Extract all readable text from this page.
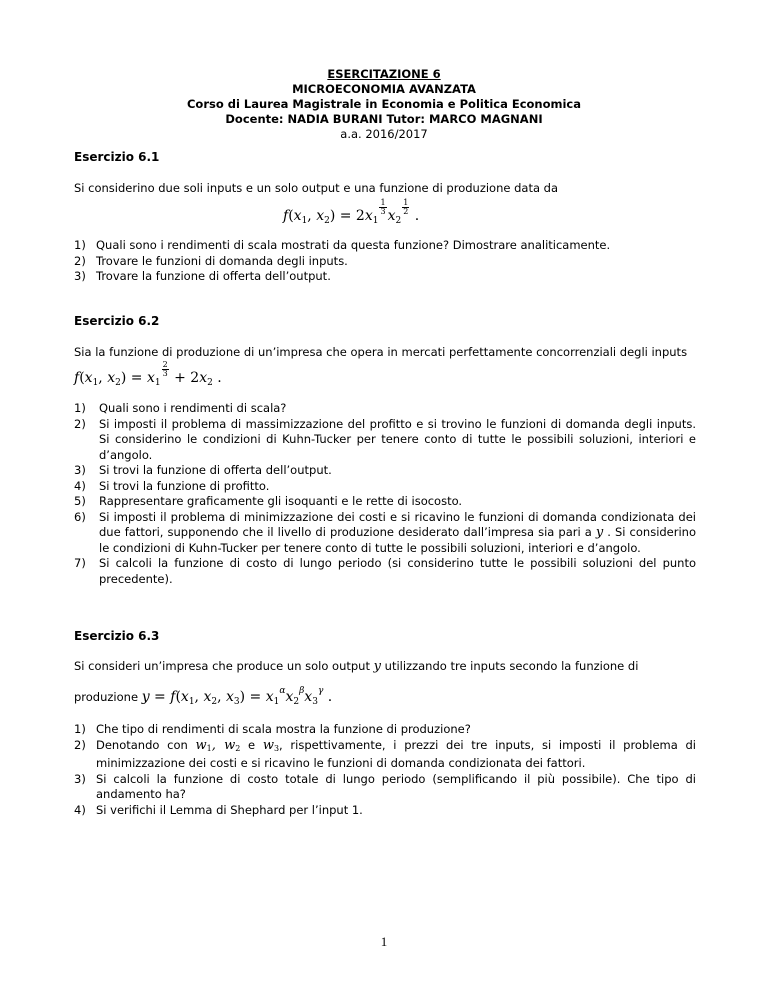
ESERCITAZIONE 6
MICROECONOMIA AVANZATA
Corso di Laurea Magistrale in Economia e Politica Economica
Docente: NADIA BURANI Tutor: MARCO MAGNANI
a.a. 2016/2017
Esercizio 6.1
Si considerino due soli inputs e un solo output e una funzione di produzione data da
$f(x_1$, $x_2) = 2x_1$
$\frac{1}{3} x_2$
$\frac{1}{2}$ .
1) Quali sono i rendimenti di scala mostrati da questa funzione? Dimostrare analiticamente.
2) Trovare le funzioni di domanda degli inputs.
3) Trovare la funzione di offerta dell’output.
Esercizio 6.2
Sia la funzione di produzione di un’impresa che opera in mercati perfettamente concorrenziali degli inputs
$f(x_1$, $x_2) = x_1$
$\frac{2}{3} + 2x_2$ .
1) Quali sono i rendimenti di scala?
2) Si imposti il problema di massimizzazione del profitto e si trovino le funzioni di domanda degli inputs. Si considerino le condizioni di Kuhn-Tucker per tenere conto di tutte le possibili soluzioni, interiori e d’angolo.
3) Si trovi la funzione di offerta dell’output.
4) Si trovi la funzione di profitto.
5) Rappresentare graficamente gli isoquanti e le rette di isocosto.
6) Si imposti il problema di minimizzazione dei costi e si ricavino le funzioni di domanda condizionata dei due fattori, supponendo che il livello di produzione desiderato dall’impresa sia pari a y . Si considerino le condizioni di Kuhn-Tucker per tenere conto di tutte le possibili soluzioni, interiori e d’angolo.
7) Si calcoli la funzione di costo di lungo periodo (si considerino tutte le possibili soluzioni del punto precedente).
Esercizio 6.3
Si consideri un’impresa che produce un solo output y utilizzando tre inputs secondo la funzione di
produzione $y = f(x_1$, $x_2$, $x_3) = x_1^\alpha x_2^\beta x_3^\gamma$ .
1) Che tipo di rendimenti di scala mostra la funzione di produzione?
2) Denotando con $w_1$, $w_2$ e $w_3$, rispettivamente, i prezzi dei tre inputs, si imposti il problema di minimizzazione dei costi e si ricavino le funzioni di domanda condizionata dei fattori.
3) Si calcoli la funzione di costo totale di lungo periodo (semplificando il più possibile). Che tipo di andamento ha?
4) Si verifichi il Lemma di Shephard per l’input 1.
1
